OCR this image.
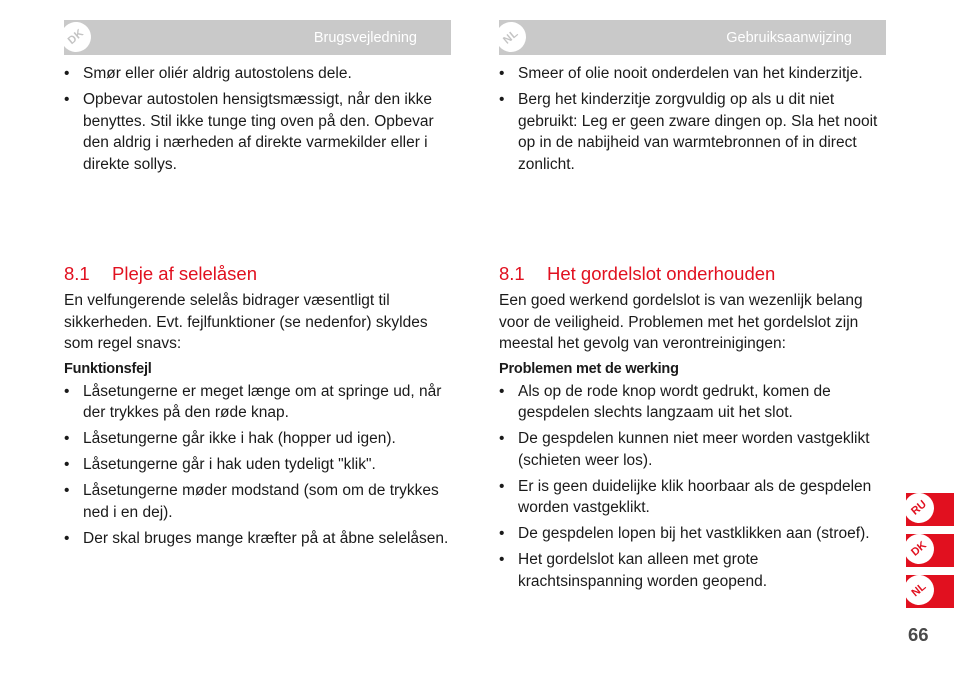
DK	Brugsvejledning
• Smør eller oliér aldrig autostolens dele.
• Opbevar autostolen hensigtsmæssigt, når den ikke benyttes. Stil ikke tunge ting oven på den. Opbevar den aldrig i nærheden af direkte varmekilder eller i direkte sollys.
8.1 Pleje af selelåsen

En velfungerende selelås bidrager væsentligt til sikkerheden. Evt. fejlfunktioner (se nedenfor) skyldes som regel snavs:

Funktionsfejl
• Låsetungerne er meget længe om at springe ud, når der trykkes på den røde knap.
• Låsetungerne går ikke i hak (hopper ud igen).
• Låsetungerne går i hak uden tydeligt "klik".
• Låsetungerne møder modstand (som om de trykkes ned i en dej).
• Der skal bruges mange kræfter på at åbne selelåsen.
NL	Gebruiksaanwijzing
• Smeer of olie nooit onderdelen van het kinderzitje.
• Berg het kinderzitje zorgvuldig op als u dit niet gebruikt: Leg er geen zware dingen op. Sla het nooit op in de nabijheid van warmtebronnen of in direct zonlicht.
8.1 Het gordelslot onderhouden

Een goed werkend gordelslot is van wezenlijk belang voor de veiligheid. Problemen met het gordelslot zijn meestal het gevolg van verontreinigingen:

Problemen met de werking
• Als op de rode knop wordt gedrukt, komen de gespdelen slechts langzaam uit het slot.
• De gespdelen kunnen niet meer worden vastgeklikt (schieten weer los).
• Er is geen duidelijke klik hoorbaar als de gespdelen worden vastgeklikt.
• De gespdelen lopen bij het vastklikken aan (stroef).
• Het gordelslot kan alleen met grote krachtsinspanning worden geopend.
RU
DK
NL
66
